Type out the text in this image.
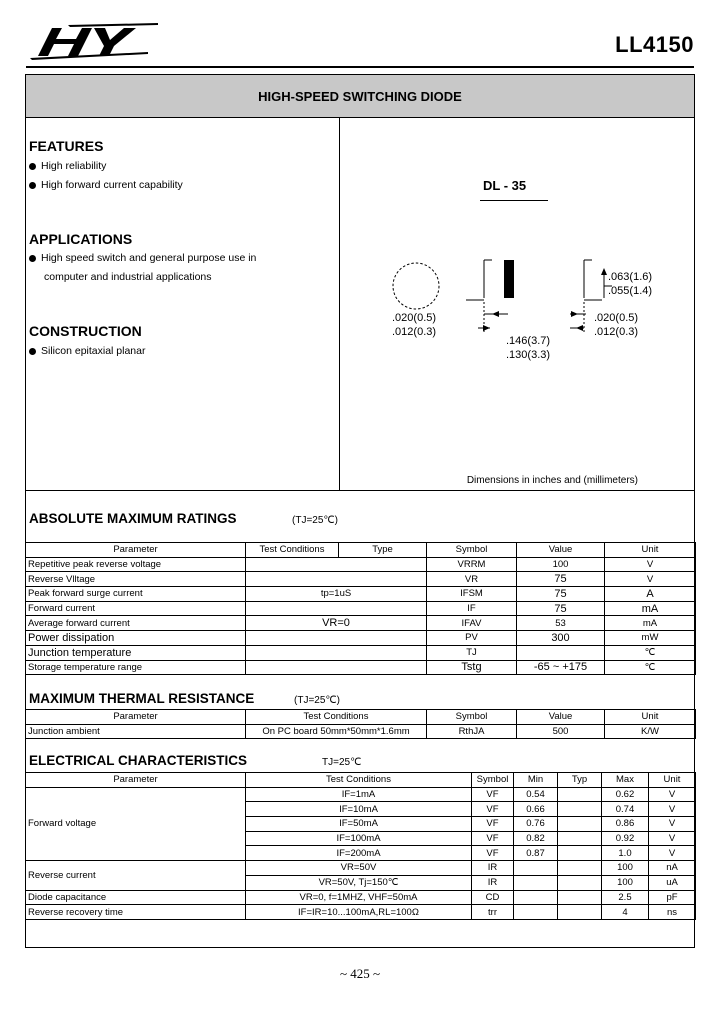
LL4150
HIGH-SPEED SWITCHING DIODE
FEATURES
High reliability
High forward current capability
APPLICATIONS
High speed switch and general purpose use in
computer and industrial applications
CONSTRUCTION
Silicon epitaxial planar
DL - 35
.063(1.6)
.055(1.4)
.020(0.5)
.012(0.3)
.020(0.5)
.012(0.3)
.146(3.7)
.130(3.3)
Dimensions in inches and (millimeters)
ABSOLUTE MAXIMUM RATINGS	(TJ=25℃)
Parameter	Test Conditions	Type	Symbol	Value	Unit
Repetitive peak reverse voltage			VRRM	100	V
Reverse Vlltage			VR	75	V
Peak forward surge current	tp=1uS		IFSM	75	A
Forward current			IF	75	mA
Average forward current	VR=0		IFAV	53	mA
Power dissipation			PV	300	mW
Junction temperature			TJ		℃
Storage temperature range			Tstg	-65 ~ +175	℃
MAXIMUM THERMAL RESISTANCE	(TJ=25℃)
Parameter	Test Conditions	Symbol	Value	Unit
Junction ambient	On PC board 50mm*50mm*1.6mm	RthJA	500	K/W
ELECTRICAL CHARACTERISTICS	TJ=25℃
Parameter	Test Conditions	Symbol	Min	Typ	Max	Unit
Forward voltage	IF=1mA	VF	0.54		0.62	V
	IF=10mA	VF	0.66		0.74	V
	IF=50mA	VF	0.76		0.86	V
	IF=100mA	VF	0.82		0.92	V
	IF=200mA	VF	0.87		1.0	V
Reverse current	VR=50V	IR			100	nA
	VR=50V, Tj=150℃	IR			100	uA
Diode capacitance	VR=0, f=1MHZ, VHF=50mA	CD			2.5	pF
Reverse recovery time	IF=IR=10...100mA,RL=100Ω	trr			4	ns
~ 425 ~
